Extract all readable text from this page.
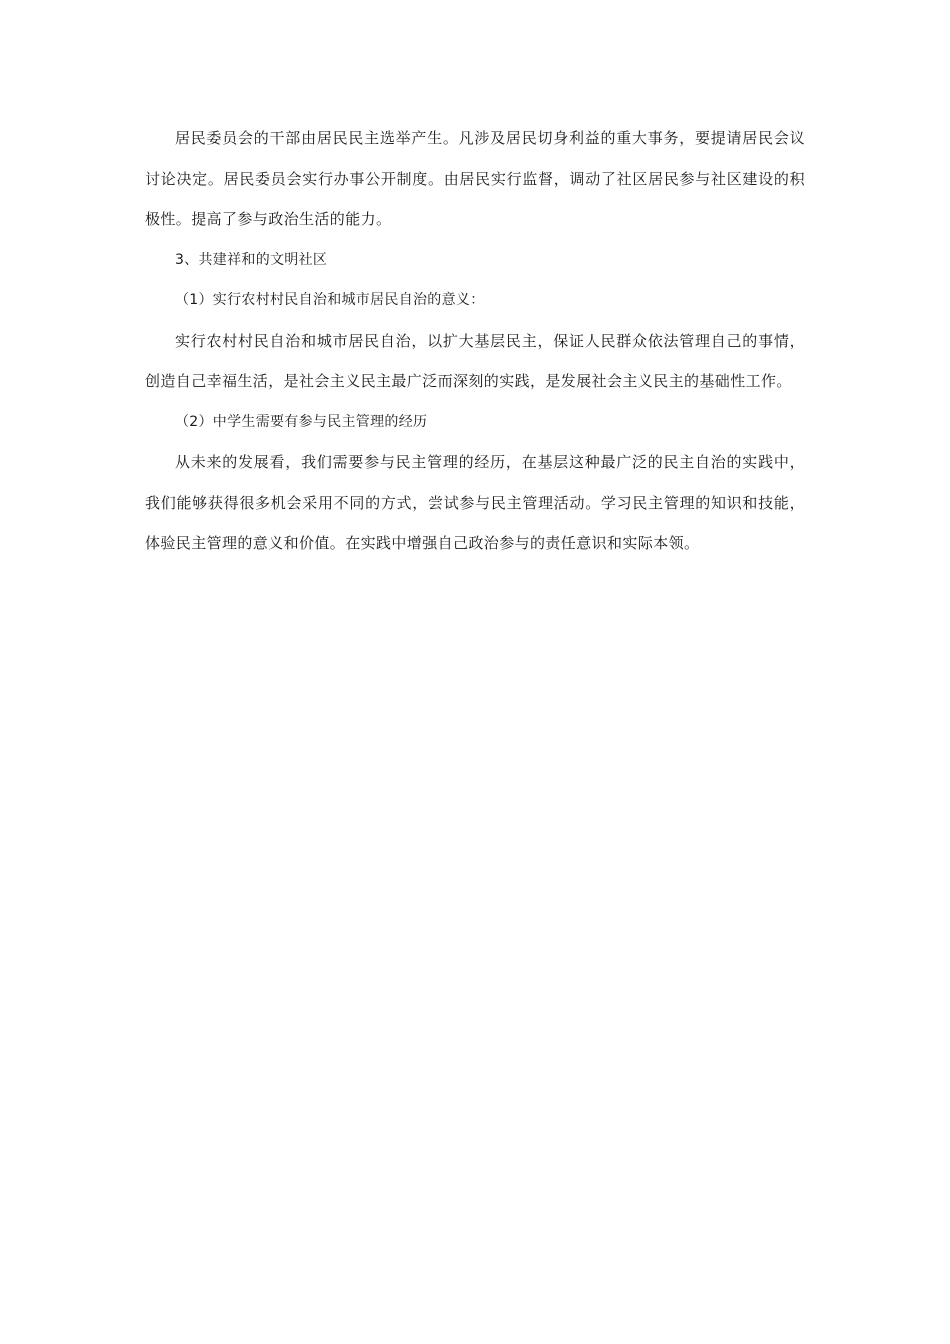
居民委员会的干部由居民民主选举产生。凡涉及居民切身利益的重大事务，要提请居民会议讨论决定。居民委员会实行办事公开制度。由居民实行监督，调动了社区居民参与社区建设的积极性。提高了参与政治生活的能力。

3、共建祥和的文明社区

（1）实行农村村民自治和城市居民自治的意义：

实行农村村民自治和城市居民自治，以扩大基层民主，保证人民群众依法管理自己的事情，创造自己幸福生活，是社会主义民主最广泛而深刻的实践，是发展社会主义民主的基础性工作。

（2）中学生需要有参与民主管理的经历

从未来的发展看，我们需要参与民主管理的经历，在基层这种最广泛的民主自治的实践中，我们能够获得很多机会采用不同的方式，尝试参与民主管理活动。学习民主管理的知识和技能，体验民主管理的意义和价值。在实践中增强自己政治参与的责任意识和实际本领。
